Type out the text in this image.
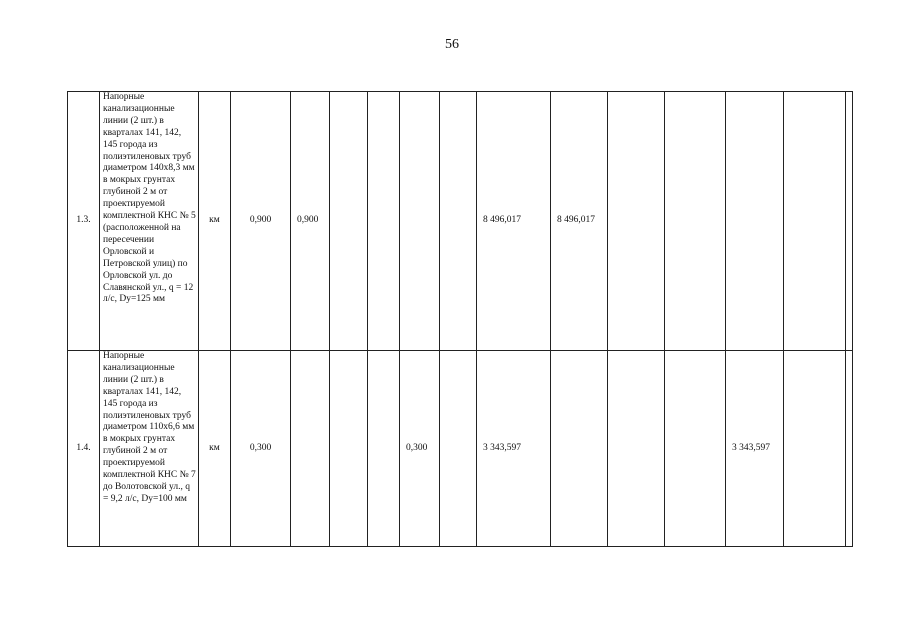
56
1.3.	Напорные канализационные линии (2 шт.) в кварталах 141, 142, 145 города из полиэтиленовых труб диаметром 140х8,3 мм в мокрых грунтах глубиной 2 м от проектируемой комплектной КНС № 5 (расположенной на пересечении Орловской и Петровской улиц) по Орловской ул. до Славянской ул., q = 12 л/с, Dу=125 мм	км	0,900	0,900					8 496,017	8 496,017					
1.4.	Напорные канализационные линии (2 шт.) в кварталах 141, 142, 145 города из полиэтиленовых труб диаметром 110х6,6 мм в мокрых грунтах глубиной 2 м от проектируемой комплектной КНС № 7 до Волотовской ул., q = 9,2 л/с, Dу=100 мм	км	0,300				0,300		3 343,597				3 343,597		
